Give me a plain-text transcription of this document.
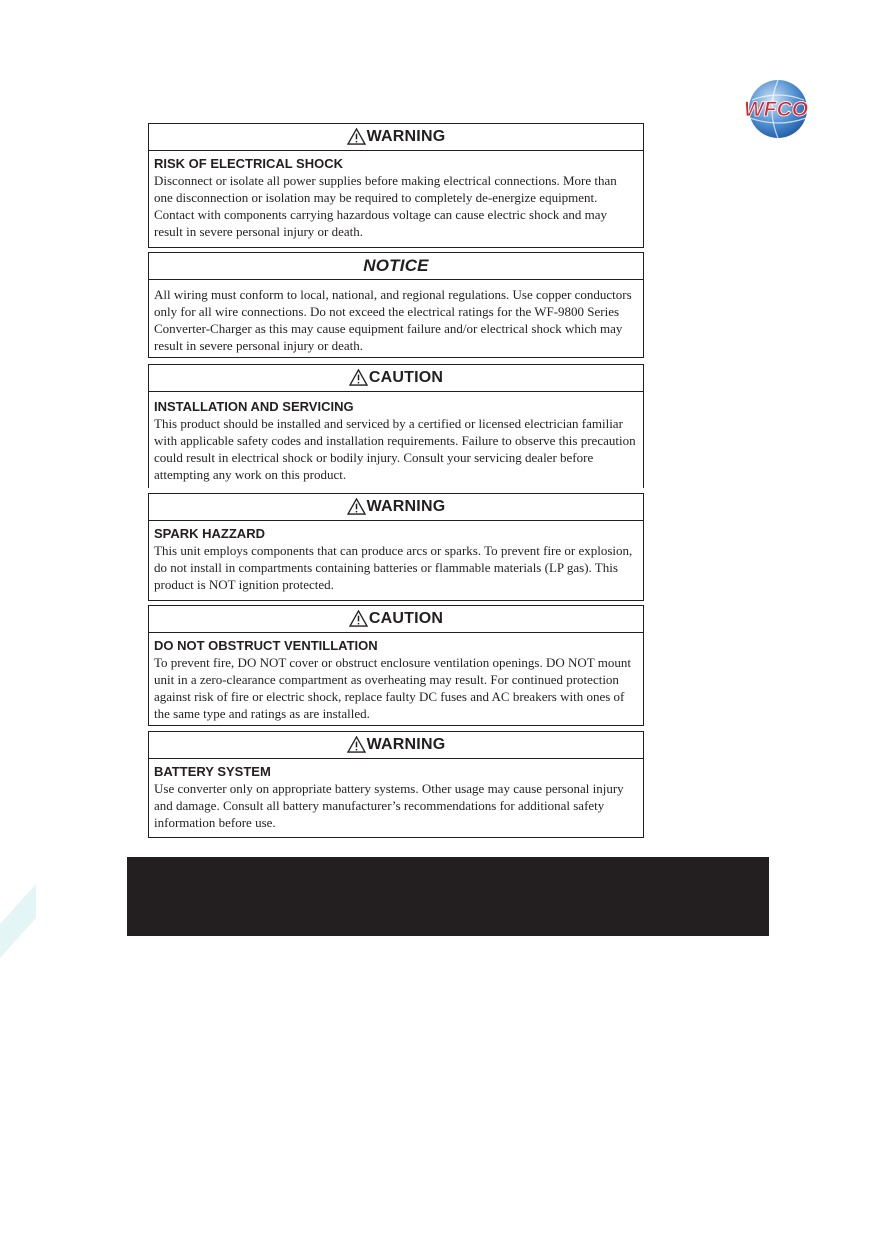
WFCO
WARNING
RISK OF ELECTRICAL SHOCK
Disconnect or isolate all power supplies before making electrical connections. More than one disconnection or isolation may be required to completely de-energize equipment. Contact with components carrying hazardous voltage can cause electric shock and may result in severe personal injury or death.
NOTICE
All wiring must conform to local, national, and regional regulations. Use copper conductors only for all wire connections. Do not exceed the electrical ratings for the WF-9800 Series Converter-Charger as this may cause equipment failure and/or electrical shock which may result in severe personal injury or death.
CAUTION
INSTALLATION AND SERVICING
This product should be installed and serviced by a certified or licensed electrician familiar with applicable safety codes and installation requirements. Failure to observe this precaution could result in electrical shock or bodily injury. Consult your servicing dealer before attempting any work on this product.
WARNING
SPARK HAZZARD
This unit employs components that can produce arcs or sparks. To prevent fire or explosion, do not install in compartments containing batteries or flammable materials (LP gas). This product is NOT ignition protected.
CAUTION
DO NOT OBSTRUCT VENTILLATION
To prevent fire, DO NOT cover or obstruct enclosure ventilation openings. DO NOT mount unit in a zero-clearance compartment as overheating may result. For continued protection against risk of fire or electric shock, replace faulty DC fuses and AC breakers with ones of the same type and ratings as are installed.
WARNING
BATTERY SYSTEM
Use converter only on appropriate battery systems. Other usage may cause personal injury and damage. Consult all battery manufacturer’s recommendations for additional safety information before use.
